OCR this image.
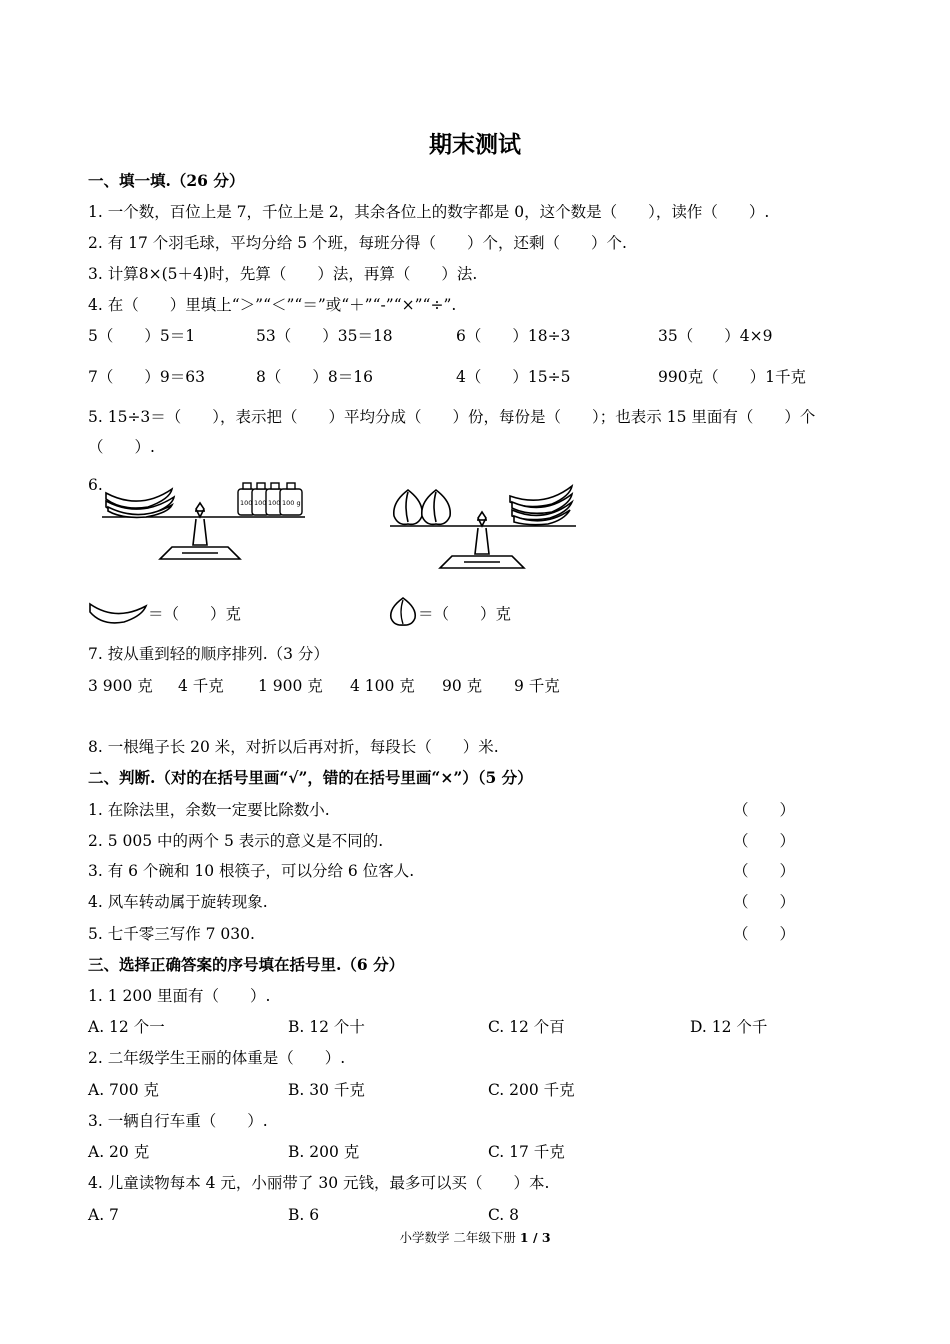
期末测试
一、填一填.（26 分）
1. 一个数，百位上是 7，千位上是 2，其余各位上的数字都是 0，这个数是（　　），读作（　　）.
2. 有 17 个羽毛球，平均分给 5 个班，每班分得（　　）个，还剩（　　）个.
3. 计算8×(5＋4)时，先算（　　）法，再算（　　）法.
4. 在（　　）里填上“＞”“＜”“＝”或“＋”“-”“×”“÷”.
5（　　）5＝1	53（　　）35＝18	6（　　）18÷3	35（　　）4×9
7（　　）9＝63	8（　　）8＝16	4（　　）15÷5	990克（　　）1千克
5. 15÷3＝（　　），表示把（　　）平均分成（　　）份，每份是（　　）；也表示 15 里面有（　　）个
（　　）.
6.
100 100 100 100 g
＝（　　）克	＝（　　）克
7. 按从重到轻的顺序排列.（3 分）
3 900 克 4 千克 1 900 克 4 100 克 90 克 9 千克
8. 一根绳子长 20 米，对折以后再对折，每段长（　　）米.
二、判断.（对的在括号里画“√”，错的在括号里画“×”）（5 分）
1. 在除法里，余数一定要比除数小.	（　　）
2. 5 005 中的两个 5 表示的意义是不同的.	（　　）
3. 有 6 个碗和 10 根筷子，可以分给 6 位客人.	（　　）
4. 风车转动属于旋转现象.	（　　）
5. 七千零三写作 7 030.	（　　）
三、选择正确答案的序号填在括号里.（6 分）
1. 1 200 里面有（　　）.
A. 12 个一	B. 12 个十	C. 12 个百	D. 12 个千
2. 二年级学生王丽的体重是（　　）.
A. 700 克	B. 30 千克	C. 200 千克
3. 一辆自行车重（　　）.
A. 20 克	B. 200 克	C. 17 千克
4. 儿童读物每本 4 元，小丽带了 30 元钱，最多可以买（　　）本.
A. 7	B. 6	C. 8
小学数学 二年级下册 1 / 3
